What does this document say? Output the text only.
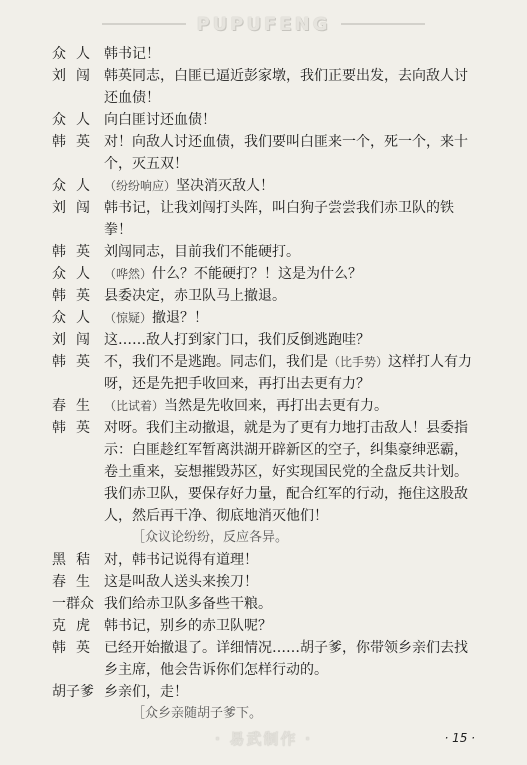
PUPUFENG
众 人 韩书记！
刘 闯 韩英同志，白匪已逼近彭家墩，我们正要出发，去向敌人讨还血债！
众 人 向白匪讨还血债！
韩 英 对！向敌人讨还血债，我们要叫白匪来一个，死一个，来十个，灭五双！
众 人 （纷纷响应）坚决消灭敌人！
刘 闯 韩书记，让我刘闯打头阵，叫白狗子尝尝我们赤卫队的铁拳！
韩 英 刘闯同志，目前我们不能硬打。
众 人 （哗然）什么？不能硬打？！这是为什么？
韩 英 县委决定，赤卫队马上撤退。
众 人 （惊疑）撤退？！
刘 闯 这……敌人打到家门口，我们反倒逃跑哇？
韩 英 不，我们不是逃跑。同志们，我们是（比手势）这样打人有力呀，还是先把手收回来，再打出去更有力？
春 生 （比试着）当然是先收回来，再打出去更有力。
韩 英 对呀。我们主动撤退，就是为了更有力地打击敌人！县委指示：白匪趁红军暂离洪湖开辟新区的空子，纠集豪绅恶霸，卷土重来，妄想摧毁苏区，好实现国民党的全盘反共计划。我们赤卫队，要保存好力量，配合红军的行动，拖住这股敌人，然后再干净、彻底地消灭他们！
［众议论纷纷，反应各异。
黑 秸 对，韩书记说得有道理！
春 生 这是叫敌人送头来挨刀！
一群众 我们给赤卫队多备些干粮。
克 虎 韩书记，别乡的赤卫队呢？
韩 英 已经开始撤退了。详细情况……胡子爹，你带领乡亲们去找乡主席，他会告诉你们怎样行动的。
胡子爹 乡亲们，走！
［众乡亲随胡子爹下。
· 易武制作 ·	· 15 ·
